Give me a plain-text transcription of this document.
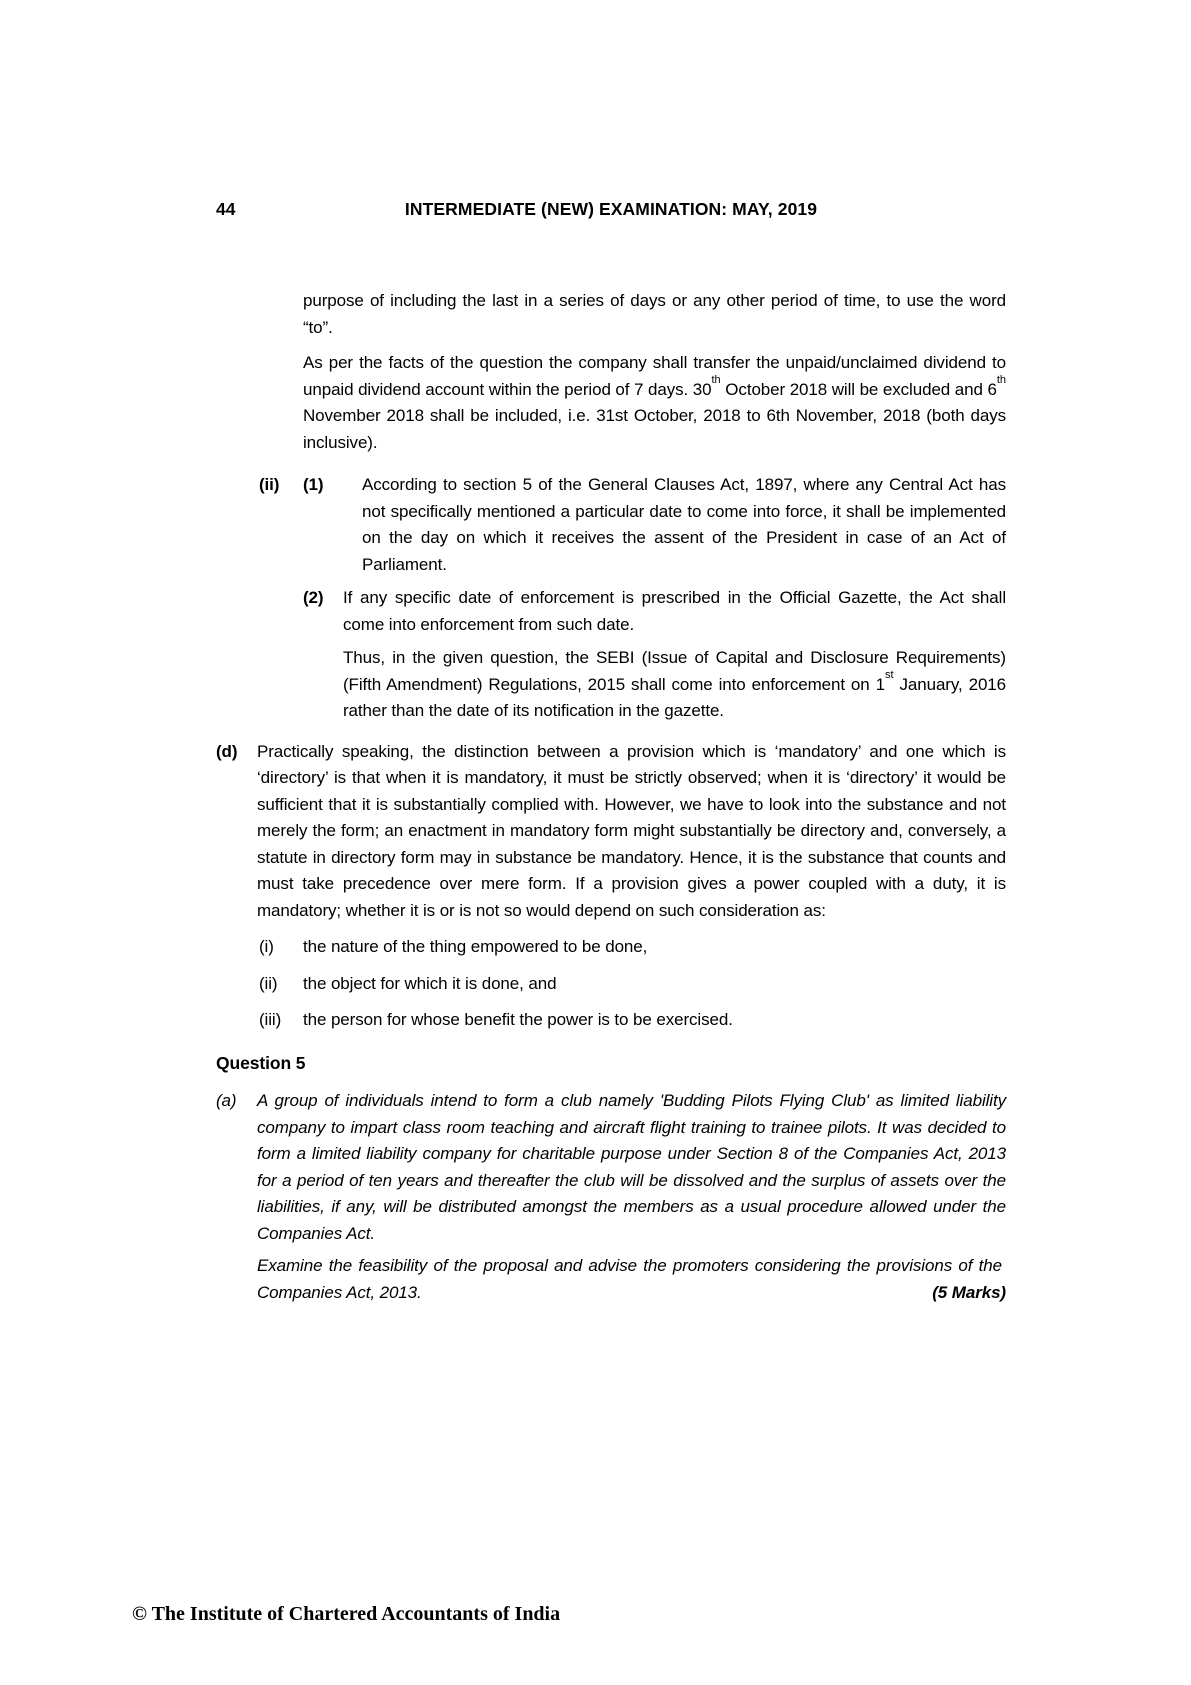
44	INTERMEDIATE (NEW) EXAMINATION: MAY, 2019

purpose of including the last in a series of days or any other period of time, to use the word “to”.

As per the facts of the question the company shall transfer the unpaid/unclaimed dividend to unpaid dividend account within the period of 7 days. 30th October 2018 will be excluded and 6th November 2018 shall be included, i.e. 31st October, 2018 to 6th November, 2018 (both days inclusive).

(ii)	(1)	According to section 5 of the General Clauses Act, 1897, where any Central Act has not specifically mentioned a particular date to come into force, it shall be implemented on the day on which it receives the assent of the President in case of an Act of Parliament.

(2)	If any specific date of enforcement is prescribed in the Official Gazette, the Act shall come into enforcement from such date.

Thus, in the given question, the SEBI (Issue of Capital and Disclosure Requirements) (Fifth Amendment) Regulations, 2015 shall come into enforcement on 1st January, 2016 rather than the date of its notification in the gazette.

(d)	Practically speaking, the distinction between a provision which is ‘mandatory’ and one which is ‘directory’ is that when it is mandatory, it must be strictly observed; when it is ‘directory’ it would be sufficient that it is substantially complied with. However, we have to look into the substance and not merely the form; an enactment in mandatory form might substantially be directory and, conversely, a statute in directory form may in substance be mandatory. Hence, it is the substance that counts and must take precedence over mere form. If a provision gives a power coupled with a duty, it is mandatory; whether it is or is not so would depend on such consideration as:

(i)	the nature of the thing empowered to be done,

(ii)	the object for which it is done, and

(iii)	the person for whose benefit the power is to be exercised.

Question 5
(a)	A group of individuals intend to form a club namely 'Budding Pilots Flying Club' as limited liability company to impart class room teaching and aircraft flight training to trainee pilots. It was decided to form a limited liability company for charitable purpose under Section 8 of the Companies Act, 2013 for a period of ten years and thereafter the club will be dissolved and the surplus of assets over the liabilities, if any, will be distributed amongst the members as a usual procedure allowed under the Companies Act.

Examine the feasibility of the proposal and advise the promoters considering the provisions of the Companies Act, 2013.	(5 Marks)

© The Institute of Chartered Accountants of India
